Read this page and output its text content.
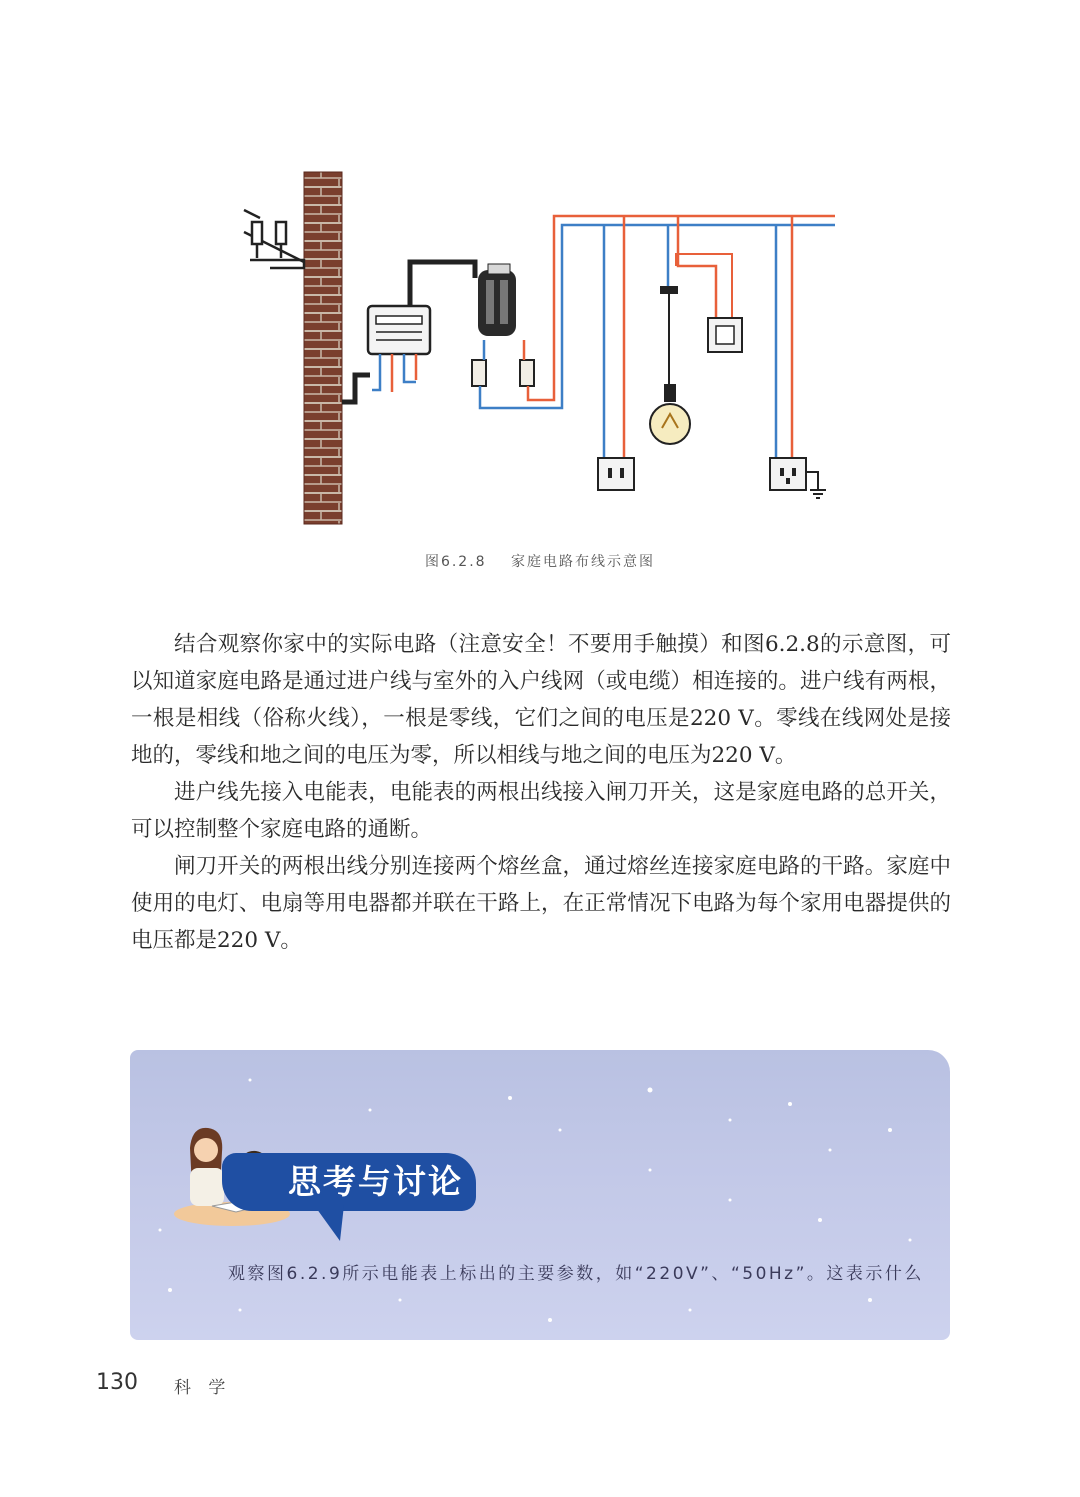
图6.2.8 家庭电路布线示意图

结合观察你家中的实际电路（注意安全！不要用手触摸）和图6.2.8的示意图，可以知道家庭电路是通过进户线与室外的入户线网（或电缆）相连接的。进户线有两根，一根是相线（俗称火线），一根是零线，它们之间的电压是220 V。零线在线网处是接地的，零线和地之间的电压为零，所以相线与地之间的电压为220 V。

进户线先接入电能表，电能表的两根出线接入闸刀开关，这是家庭电路的总开关，可以控制整个家庭电路的通断。

闸刀开关的两根出线分别连接两个熔丝盒，通过熔丝连接家庭电路的干路。家庭中使用的电灯、电扇等用电器都并联在干路上，在正常情况下电路为每个家用电器提供的电压都是220 V。

思考与讨论
观察图6.2.9所示电能表上标出的主要参数，如“220V”、“50Hz”。这表示什么
130 科 学
